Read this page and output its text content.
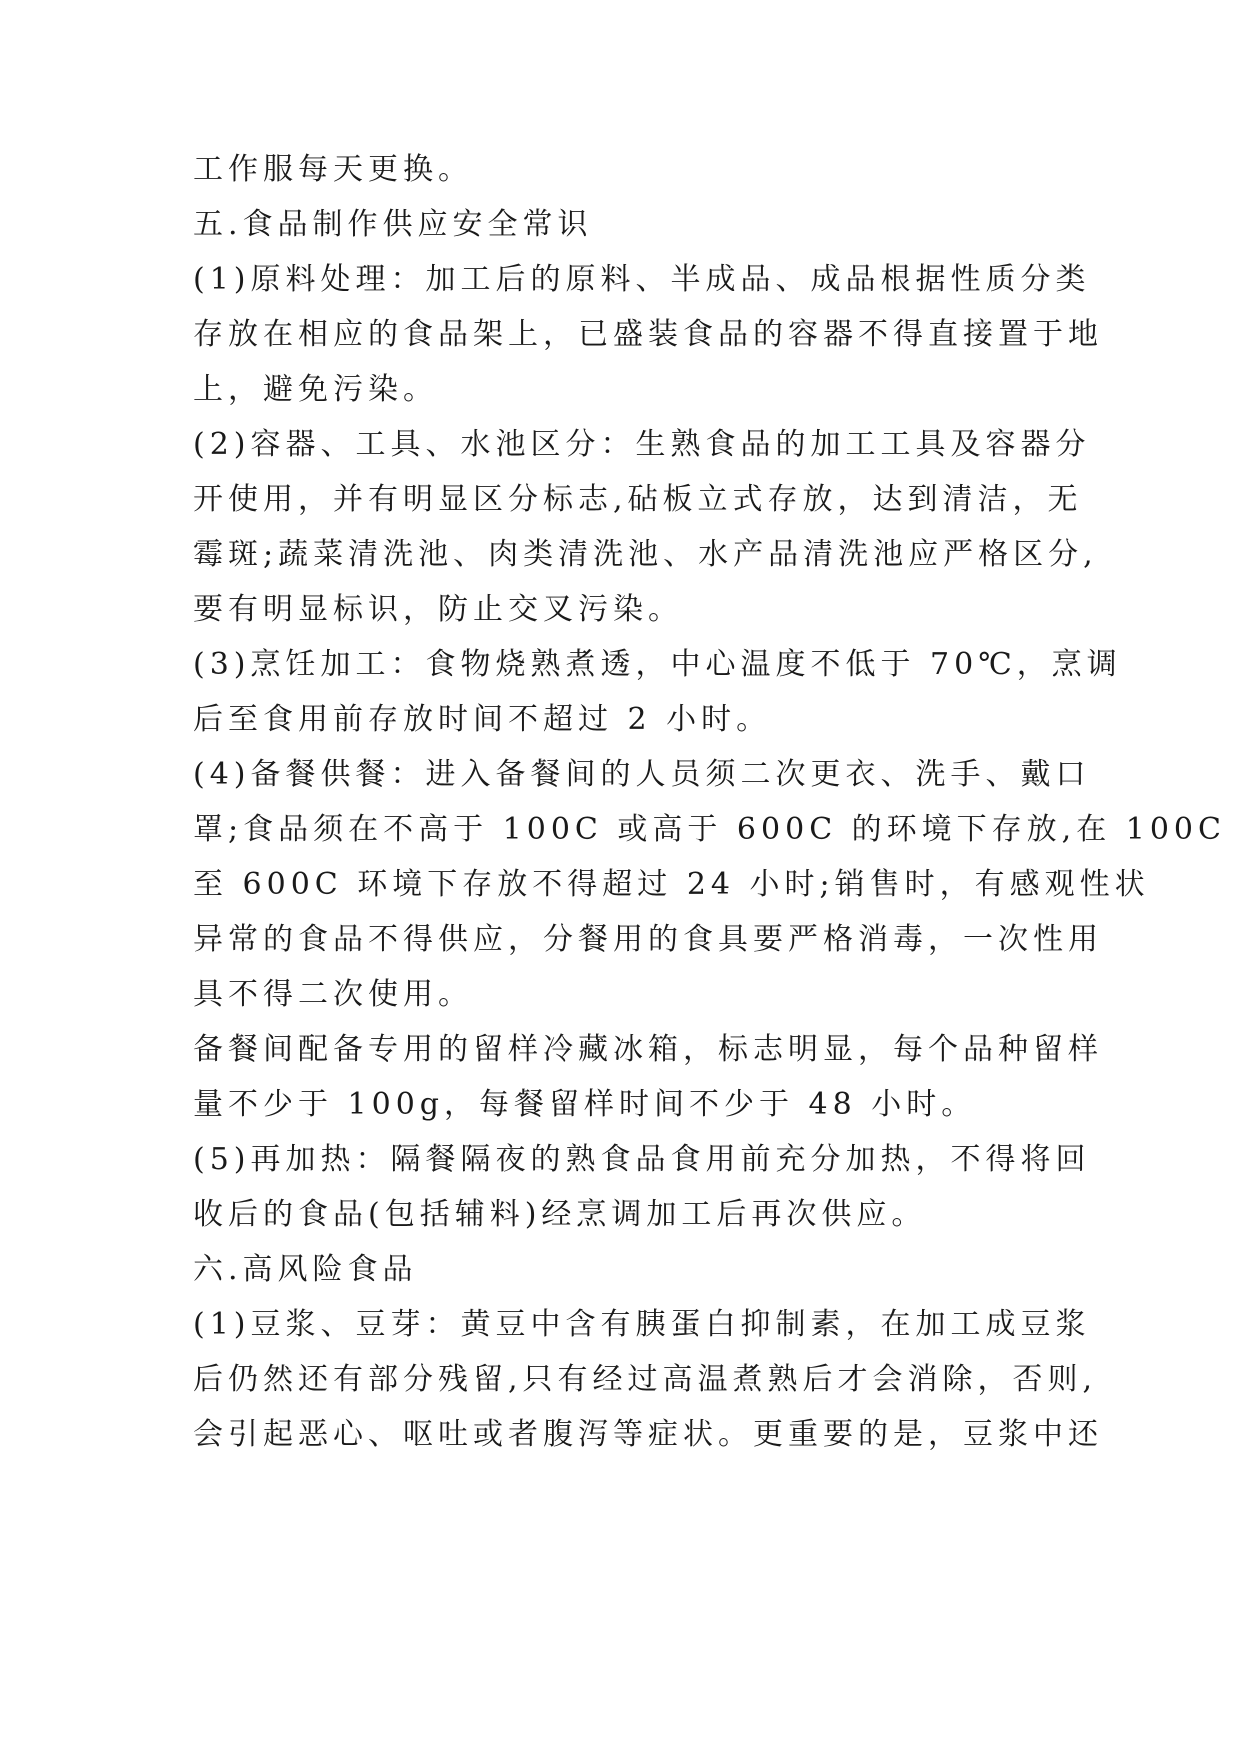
工作服每天更换。
五.食品制作供应安全常识
(1)原料处理：加工后的原料、半成品、成品根据性质分类
存放在相应的食品架上，已盛装食品的容器不得直接置于地
上，避免污染。
(2)容器、工具、水池区分：生熟食品的加工工具及容器分
开使用，并有明显区分标志,砧板立式存放，达到清洁，无
霉斑;蔬菜清洗池、肉类清洗池、水产品清洗池应严格区分,
要有明显标识，防止交叉污染。
(3)烹饪加工：食物烧熟煮透，中心温度不低于 70℃，烹调
后至食用前存放时间不超过 2 小时。
(4)备餐供餐：进入备餐间的人员须二次更衣、洗手、戴口
罩;食品须在不高于 100C 或高于 600C 的环境下存放,在 100C
至 600C 环境下存放不得超过 24 小时;销售时，有感观性状
异常的食品不得供应，分餐用的食具要严格消毒，一次性用
具不得二次使用。
备餐间配备专用的留样冷藏冰箱，标志明显，每个品种留样
量不少于 100g，每餐留样时间不少于 48 小时。
(5)再加热：隔餐隔夜的熟食品食用前充分加热，不得将回
收后的食品(包括辅料)经烹调加工后再次供应。
六.高风险食品
(1)豆浆、豆芽：黄豆中含有胰蛋白抑制素，在加工成豆浆
后仍然还有部分残留,只有经过高温煮熟后才会消除，否则,
会引起恶心、呕吐或者腹泻等症状。更重要的是，豆浆中还
